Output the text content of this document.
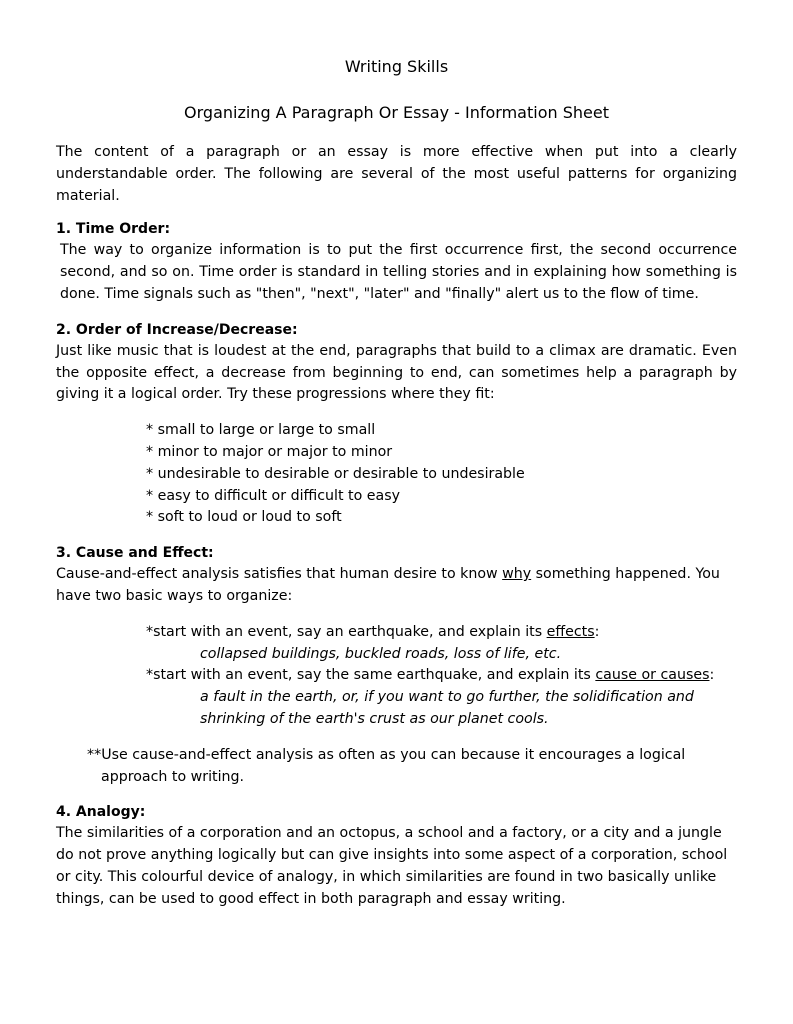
Writing Skills
Organizing A Paragraph Or Essay - Information Sheet

The content of a paragraph or an essay is more effective when put into a clearly understandable order. The following are several of the most useful patterns for organizing material.

1. Time Order:

The way to organize information is to put the first occurrence first, the second occurrence second, and so on. Time order is standard in telling stories and in explaining how something is done. Time signals such as "then", "next", "later" and "finally" alert us to the flow of time.

2. Order of Increase/Decrease:

Just like music that is loudest at the end, paragraphs that build to a climax are dramatic. Even the opposite effect, a decrease from beginning to end, can sometimes help a paragraph by giving it a logical order. Try these progressions where they fit:

* small to large or large to small
* minor to major or major to minor
* undesirable to desirable or desirable to undesirable
* easy to difficult or difficult to easy
* soft to loud or loud to soft
3. Cause and Effect:

Cause-and-effect analysis satisfies that human desire to know why something happened. You have two basic ways to organize:

*start with an event, say an earthquake, and explain its effects:
collapsed buildings, buckled roads, loss of life, etc.
*start with an event, say the same earthquake, and explain its cause or causes:
a fault in the earth, or, if you want to go further, the solidification and shrinking of the earth's crust as our planet cools.
**Use cause-and-effect analysis as often as you can because it encourages a logical approach to writing.
4. Analogy:

The similarities of a corporation and an octopus, a school and a factory, or a city and a jungle do not prove anything logically but can give insights into some aspect of a corporation, school or city. This colourful device of analogy, in which similarities are found in two basically unlike things, can be used to good effect in both paragraph and essay writing.
